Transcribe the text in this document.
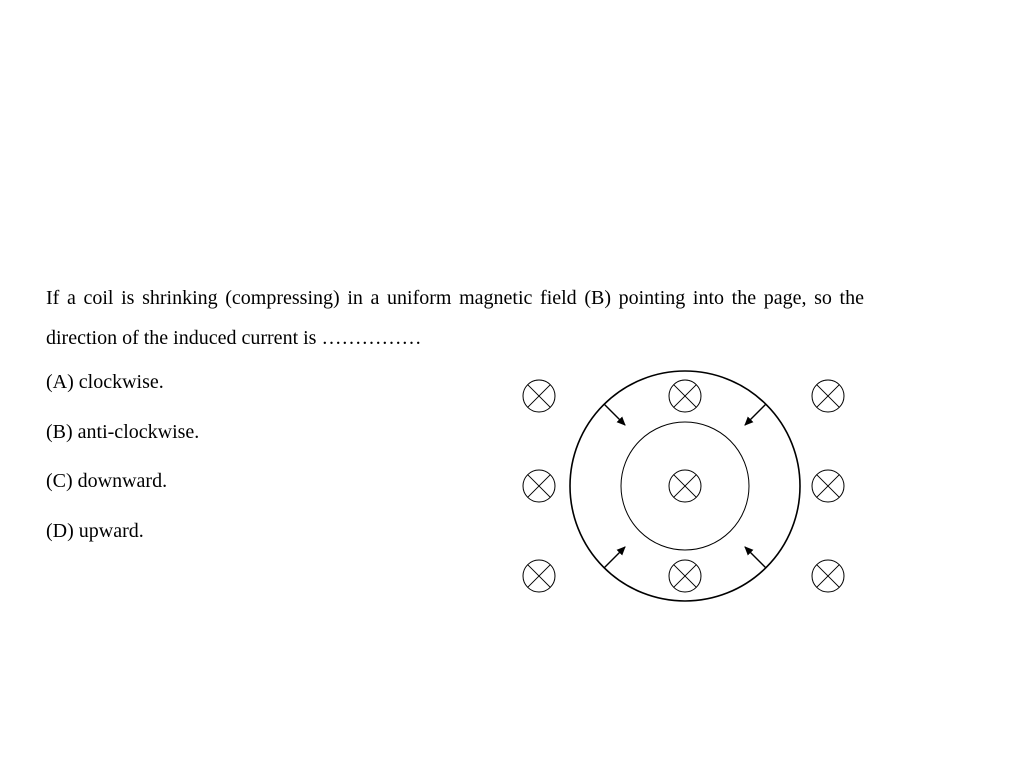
If a coil is shrinking (compressing) in a uniform magnetic field (B) pointing into the page, so the direction of the induced current is ……………

(A) clockwise.

(B) anti-clockwise.

(C) downward.

(D) upward.
